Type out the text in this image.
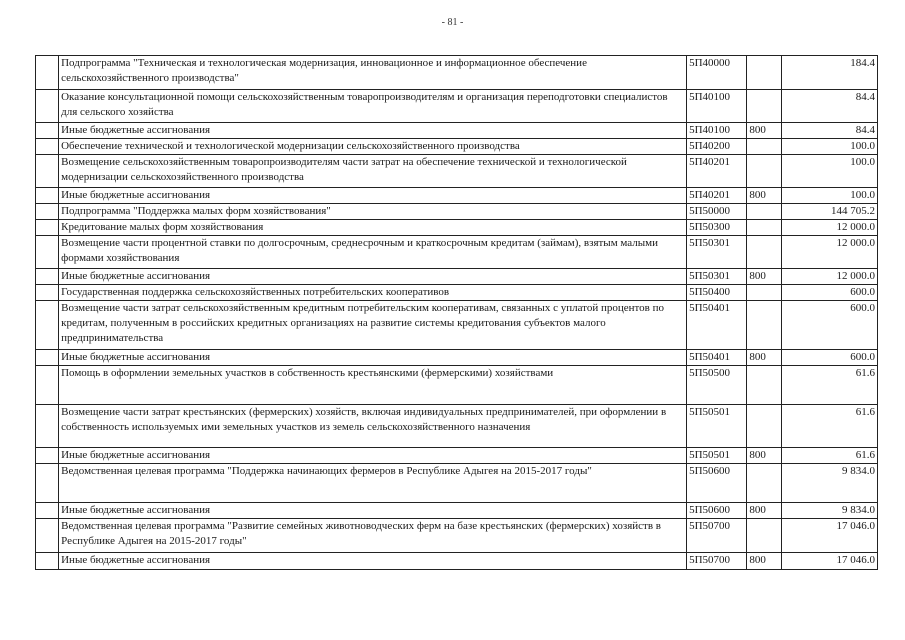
- 81 -
	Подпрограмма "Техническая и технологическая модернизация, инновационное и информационное обеспечение сельскохозяйственного производства"	5П40000		184.4
	Оказание консультационной помощи сельскохозяйственным товаропроизводителям и организация переподготовки специалистов для сельского хозяйства	5П40100		84.4
	Иные бюджетные ассигнования	5П40100	800	84.4
	Обеспечение технической и технологической модернизации сельскохозяйственного производства	5П40200		100.0
	Возмещение сельскохозяйственным товаропроизводителям части затрат на обеспечение технической и технологической модернизации сельскохозяйственного производства	5П40201		100.0
	Иные бюджетные ассигнования	5П40201	800	100.0
	Подпрограмма "Поддержка малых форм хозяйствования"	5П50000		144 705.2
	Кредитование малых форм хозяйствования	5П50300		12 000.0
	Возмещение части процентной ставки по долгосрочным, среднесрочным и краткосрочным кредитам (займам), взятым малыми формами хозяйствования	5П50301		12 000.0
	Иные бюджетные ассигнования	5П50301	800	12 000.0
	Государственная поддержка сельскохозяйственных потребительских кооперативов	5П50400		600.0
	Возмещение части затрат сельскохозяйственным кредитным потребительским кооперативам, связанных с уплатой процентов по кредитам, полученным в российских кредитных организациях на развитие системы кредитования субъектов малого предпринимательства	5П50401		600.0
	Иные бюджетные ассигнования	5П50401	800	600.0
	Помощь в оформлении земельных участков в собственность крестьянскими (фермерскими) хозяйствами	5П50500		61.6
	Возмещение части затрат крестьянских (фермерских) хозяйств, включая индивидуальных предпринимателей, при оформлении в собственность используемых ими земельных участков из земель сельскохозяйственного назначения	5П50501		61.6
	Иные бюджетные ассигнования	5П50501	800	61.6
	Ведомственная целевая программа "Поддержка начинающих фермеров в Республике Адыгея на 2015-2017 годы"	5П50600		9 834.0
	Иные бюджетные ассигнования	5П50600	800	9 834.0
	Ведомственная целевая программа "Развитие семейных животноводческих ферм на базе крестьянских (фермерских) хозяйств в Республике Адыгея на 2015-2017 годы"	5П50700		17 046.0
	Иные бюджетные ассигнования	5П50700	800	17 046.0
